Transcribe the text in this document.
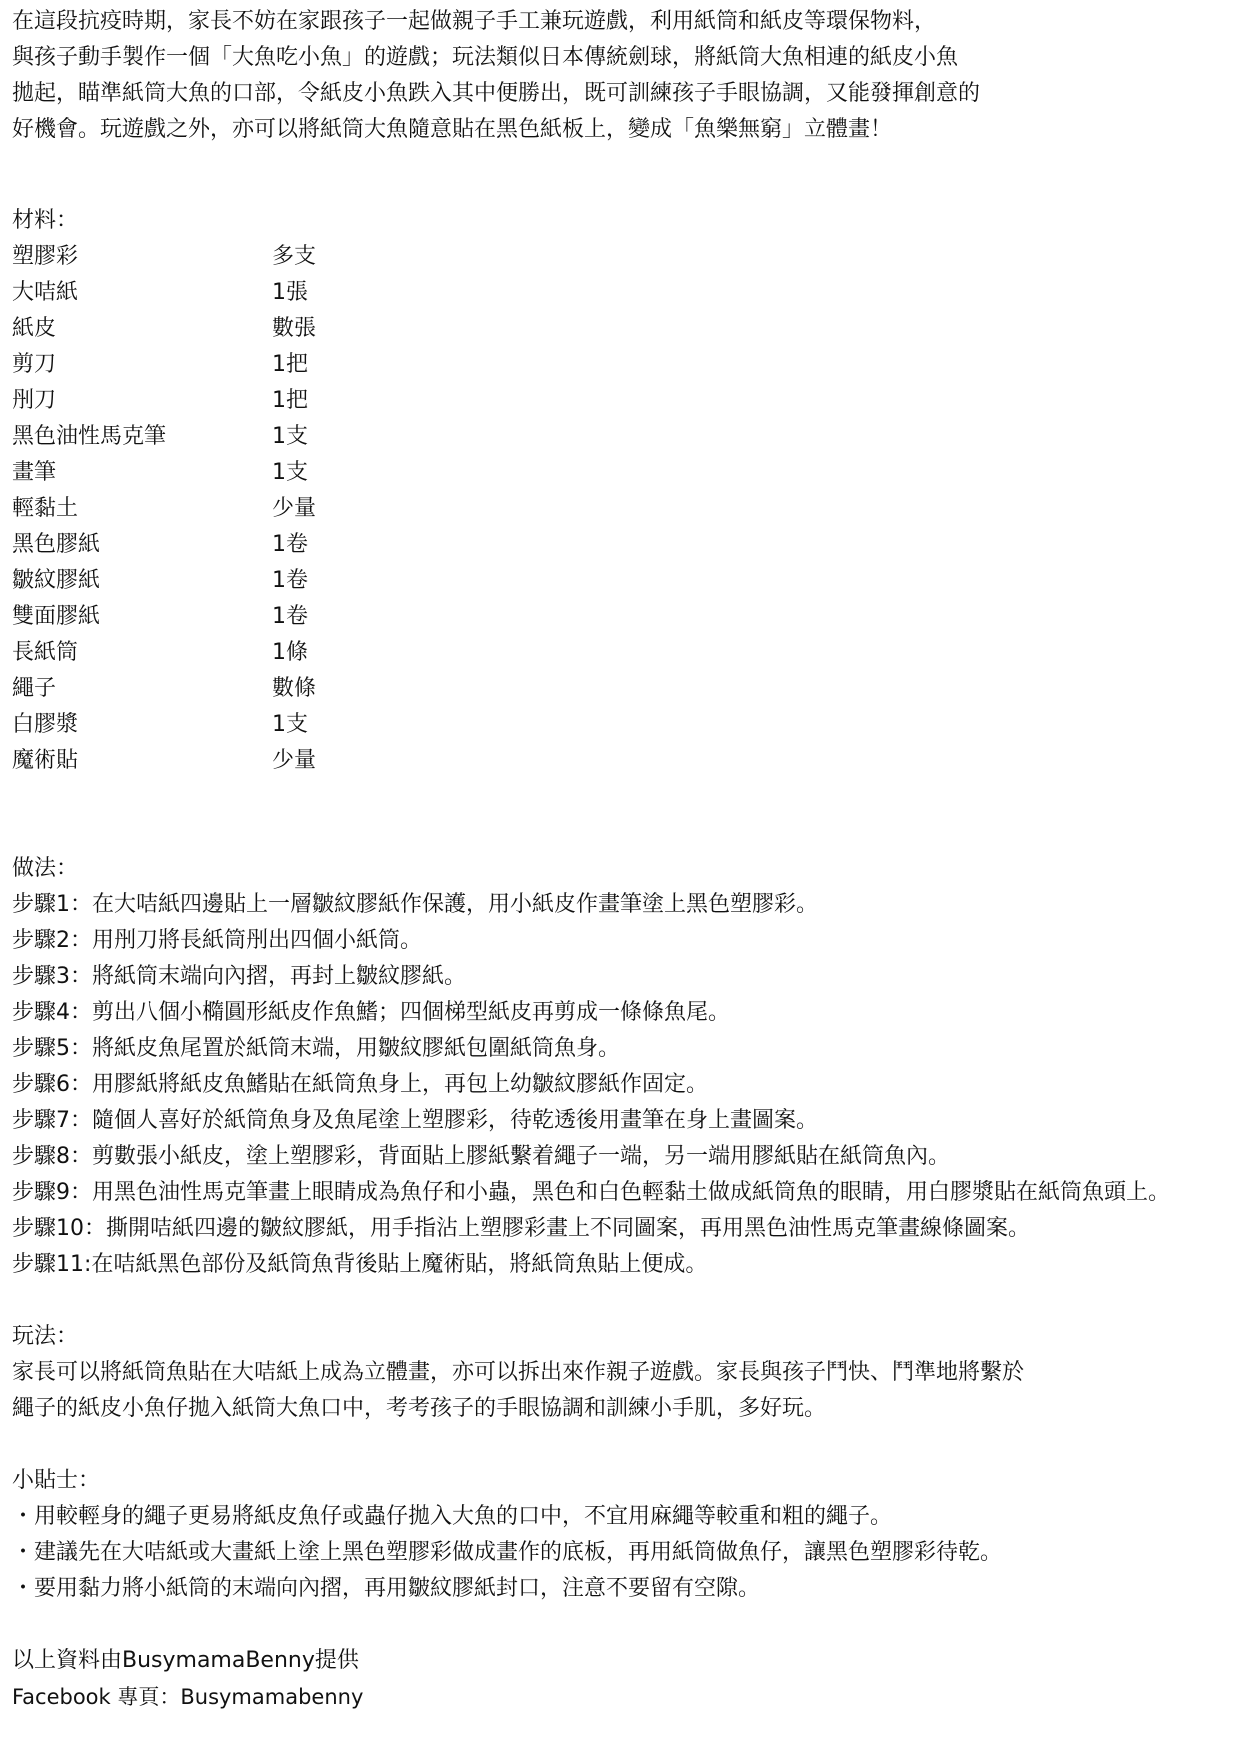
在這段抗疫時期，家長不妨在家跟孩子一起做親子手工兼玩遊戲，利用紙筒和紙皮等環保物料，

與孩子動手製作一個「大魚吃小魚」的遊戲；玩法類似日本傳統劍球，將紙筒大魚相連的紙皮小魚

拋起，瞄準紙筒大魚的口部，令紙皮小魚跌入其中便勝出，既可訓練孩子手眼協調，又能發揮創意的

好機會。玩遊戲之外，亦可以將紙筒大魚隨意貼在黑色紙板上，變成「魚樂無窮」立體畫！

材料：
塑膠彩	多支
大咭紙	1張
紙皮	數張
剪刀	1把
刐刀	1把
黑色油性馬克筆	1支
畫筆	1支
輕黏土	少量
黑色膠紙	1卷
皺紋膠紙	1卷
雙面膠紙	1卷
長紙筒	1條
繩子	數條
白膠漿	1支
魔術貼	少量
做法：
步驟1： 在大咭紙四邊貼上一層皺紋膠紙作保護，用小紙皮作畫筆塗上黑色塑膠彩。
步驟2： 用刐刀將長紙筒刐出四個小紙筒。
步驟3： 將紙筒末端向內摺，再封上皺紋膠紙。
步驟4： 剪出八個小橢圓形紙皮作魚鰭；四個梯型紙皮再剪成一條條魚尾。
步驟5： 將紙皮魚尾置於紙筒末端，用皺紋膠紙包圍紙筒魚身。
步驟6： 用膠紙將紙皮魚鰭貼在紙筒魚身上，再包上幼皺紋膠紙作固定。
步驟7： 隨個人喜好於紙筒魚身及魚尾塗上塑膠彩，待乾透後用畫筆在身上畫圖案。
步驟8： 剪數張小紙皮，塗上塑膠彩，背面貼上膠紙繫着繩子一端，另一端用膠紙貼在紙筒魚內。
步驟9： 用黑色油性馬克筆畫上眼睛成為魚仔和小蟲，黑色和白色輕黏土做成紙筒魚的眼睛，用白膠漿貼在紙筒魚頭上。
步驟10： 撕開咭紙四邊的皺紋膠紙，用手指沾上塑膠彩畫上不同圖案，再用黑色油性馬克筆畫線條圖案。
步驟11: 在咭紙黑色部份及紙筒魚背後貼上魔術貼，將紙筒魚貼上便成。
玩法：
家長可以將紙筒魚貼在大咭紙上成為立體畫，亦可以拆出來作親子遊戲。家長與孩子鬥快、鬥準地將繫於
繩子的紙皮小魚仔拋入紙筒大魚口中，考考孩子的手眼協調和訓練小手肌，多好玩。
小貼士：
・用較輕身的繩子更易將紙皮魚仔或蟲仔拋入大魚的口中，不宜用麻繩等較重和粗的繩子。
・建議先在大咭紙或大畫紙上塗上黑色塑膠彩做成畫作的底板，再用紙筒做魚仔，讓黑色塑膠彩待乾。
・要用黏力將小紙筒的末端向內摺，再用皺紋膠紙封口，注意不要留有空隙。
以上資料由BusymamaBenny提供
Facebook 專頁：Busymamabenny
